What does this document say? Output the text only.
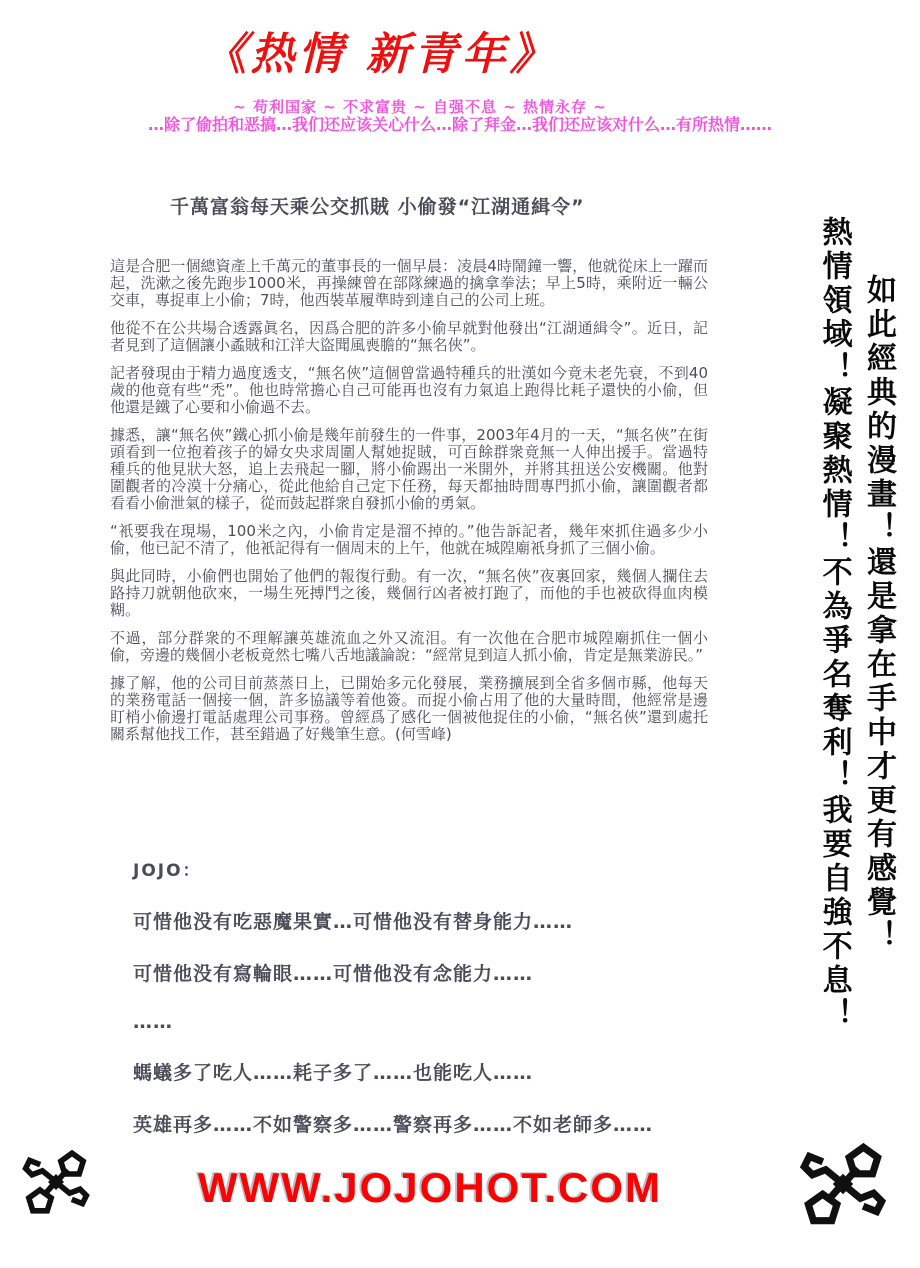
《热情 新青年》
~ 苟利国家 ~ 不求富贵 ~ 自强不息 ~ 热情永存 ~
…除了偷拍和恶搞…我们还应该关心什么…除了拜金…我们还应该对什么…有所热情……
千萬富翁每天乘公交抓賊 小偷發“江湖通緝令”

這是合肥一個總資產上千萬元的董事長的一個早晨：凌晨4時鬧鐘一響，他就從床上一躍而起，洗漱之後先跑步1000米，再操練曾在部隊練過的擒拿拳法；早上5時，乘附近一輛公交車，專捉車上小偷；7時，他西裝革履準時到達自己的公司上班。

他從不在公共場合透露眞名，因爲合肥的許多小偷早就對他發出“江湖通緝令”。近日，記者見到了這個讓小蟊賊和江洋大盜聞風喪膽的“無名俠”。

記者發現由于精力過度透支，“無名俠”這個曾當過特種兵的壯漢如今竟未老先衰，不到40歲的他竟有些“禿”。他也時常擔心自己可能再也沒有力氣追上跑得比耗子還快的小偷，但他還是鐵了心要和小偷過不去。

據悉，讓“無名俠”鐵心抓小偷是幾年前發生的一件事，2003年4月的一天，“無名俠”在街頭看到一位抱着孩子的婦女央求周圍人幫她捉賊，可百餘群衆竟無一人伸出援手。當過特種兵的他見狀大怒，追上去飛起一腳，將小偷踢出一米開外，并將其扭送公安機關。他對圍觀者的冷漠十分痛心，從此他給自己定下任務，每天都抽時間專門抓小偷，讓圍觀者都看看小偷泄氣的樣子，從而鼓起群衆自發抓小偷的勇氣。

“衹要我在現場，100米之內，小偷肯定是溜不掉的。”他告訴記者，幾年來抓住過多少小偷，他已記不清了，他衹記得有一個周末的上午，他就在城隍廟衹身抓了三個小偷。

與此同時，小偷們也開始了他們的報復行動。有一次，“無名俠”夜裏回家，幾個人攔住去路持刀就朝他砍來，一場生死搏鬥之後，幾個行凶者被打跑了，而他的手也被砍得血肉模糊。

不過，部分群衆的不理解讓英雄流血之外又流泪。有一次他在合肥市城隍廟抓住一個小偷，旁邊的幾個小老板竟然七嘴八舌地議論說：“經常見到這人抓小偷，肯定是無業游民。”

據了解，他的公司目前蒸蒸日上，已開始多元化發展，業務擴展到全省多個市縣，他每天的業務電話一個接一個，許多協議等着他簽。而捉小偷占用了他的大量時間，他經常是邊盯梢小偷邊打電話處理公司事務。曾經爲了感化一個被他捉住的小偷，“無名俠”還到處托關系幫他找工作，甚至錯過了好幾筆生意。(何雪峰)	如此經典的漫畫！還是拿在手中才更有感覺！
熱情領域！凝聚熱情！不為爭名奪利！我要自強不息！
JOJO：
可惜他没有吃惡魔果實…可惜他没有替身能力……
可惜他没有寫輪眼……可惜他没有念能力……
……
螞蟻多了吃人……耗子多了……也能吃人……
英雄再多……不如警察多……警察再多……不如老師多……
WWW.JOJOHOT.COM
